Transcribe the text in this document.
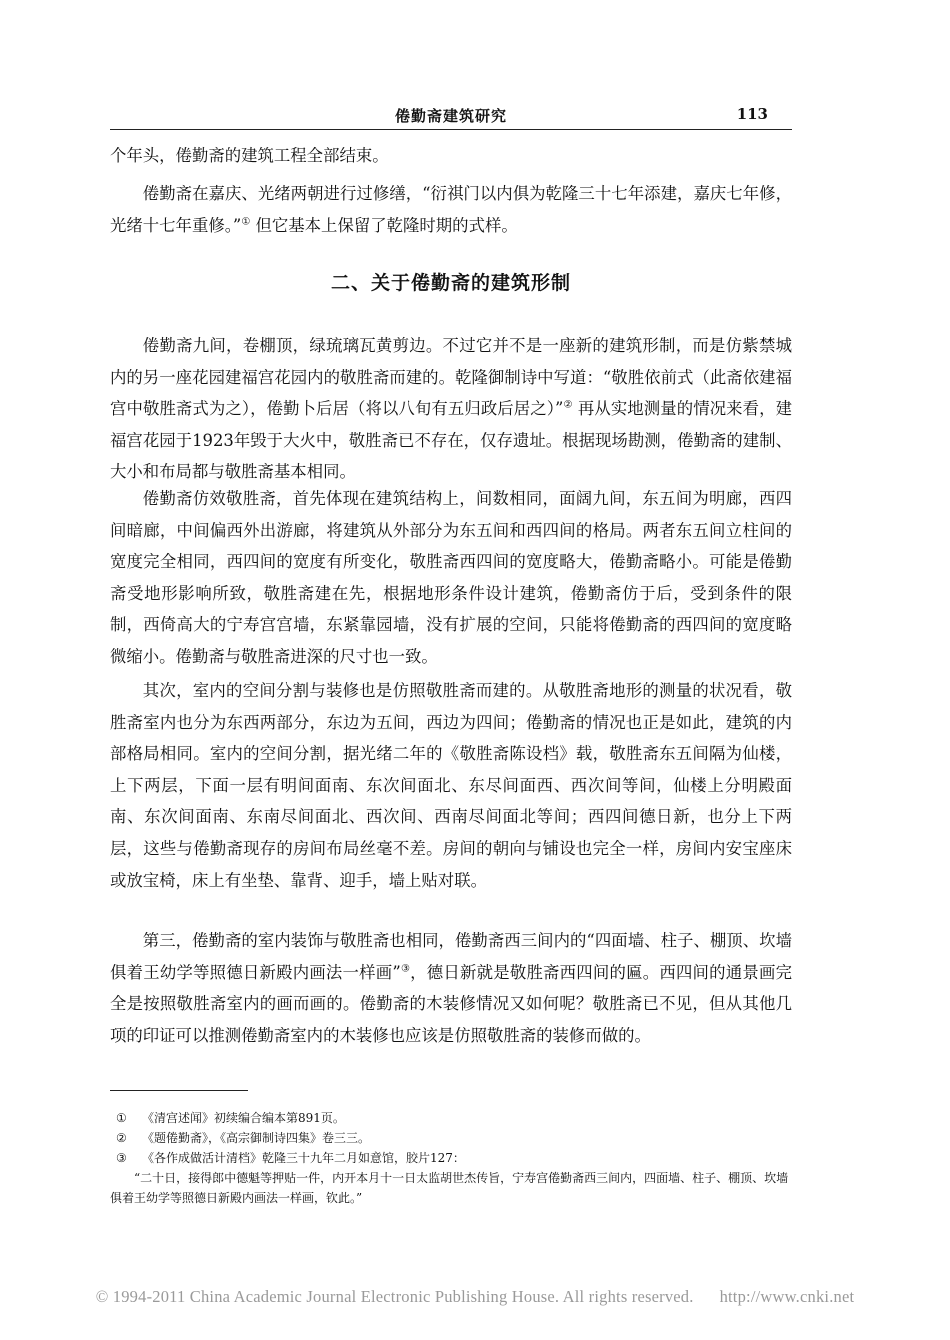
倦勤斋建筑研究	113

个年头，倦勤斋的建筑工程全部结束。

倦勤斋在嘉庆、光绪两朝进行过修缮，“衍祺门以内俱为乾隆三十七年添建，嘉庆七年修，光绪十七年重修。”① 但它基本上保留了乾隆时期的式样。

二、关于倦勤斋的建筑形制

倦勤斋九间，卷棚顶，绿琉璃瓦黄剪边。不过它并不是一座新的建筑形制，而是仿紫禁城内的另一座花园建福宫花园内的敬胜斋而建的。乾隆御制诗中写道：“敬胜依前式（此斋依建福宫中敬胜斋式为之），倦勤卜后居（将以八旬有五归政后居之）”② 再从实地测量的情况来看，建福宫花园于1923年毁于大火中，敬胜斋已不存在，仅存遗址。根据现场勘测，倦勤斋的建制、大小和布局都与敬胜斋基本相同。

倦勤斋仿效敬胜斋，首先体现在建筑结构上，间数相同，面阔九间，东五间为明廊，西四间暗廊，中间偏西外出游廊，将建筑从外部分为东五间和西四间的格局。两者东五间立柱间的宽度完全相同，西四间的宽度有所变化，敬胜斋西四间的宽度略大，倦勤斋略小。可能是倦勤斋受地形影响所致，敬胜斋建在先，根据地形条件设计建筑，倦勤斋仿于后，受到条件的限制，西倚高大的宁寿宫宫墙，东紧靠园墙，没有扩展的空间，只能将倦勤斋的西四间的宽度略微缩小。倦勤斋与敬胜斋进深的尺寸也一致。

其次，室内的空间分割与装修也是仿照敬胜斋而建的。从敬胜斋地形的测量的状况看，敬胜斋室内也分为东西两部分，东边为五间，西边为四间；倦勤斋的情况也正是如此，建筑的内部格局相同。室内的空间分割，据光绪二年的《敬胜斋陈设档》载，敬胜斋东五间隔为仙楼，上下两层，下面一层有明间面南、东次间面北、东尽间面西、西次间等间，仙楼上分明殿面南、东次间面南、东南尽间面北、西次间、西南尽间面北等间；西四间德日新，也分上下两层，这些与倦勤斋现存的房间布局丝毫不差。房间的朝向与铺设也完全一样，房间内安宝座床或放宝椅，床上有坐垫、靠背、迎手，墙上贴对联。

第三，倦勤斋的室内装饰与敬胜斋也相同，倦勤斋西三间内的“四面墙、柱子、棚顶、坎墙俱着王幼学等照德日新殿内画法一样画”③，德日新就是敬胜斋西四间的匾。西四间的通景画完全是按照敬胜斋室内的画而画的。倦勤斋的木装修情况又如何呢？敬胜斋已不见，但从其他几项的印证可以推测倦勤斋室内的木装修也应该是仿照敬胜斋的装修而做的。

① 《清宫述闻》初续编合编本第891页。

② 《题倦勤斋》，《高宗御制诗四集》卷三三。

③ 《各作成做活计清档》乾隆三十九年二月如意馆，胶片127：

“二十日，接得郎中德魁等押贴一件，内开本月十一日太监胡世杰传旨，宁寿宫倦勤斋西三间内，四面墙、柱子、棚顶、坎墙俱着王幼学等照德日新殿内画法一样画，钦此。”

© 1994-2011 China Academic Journal Electronic Publishing House. All rights reserved. http://www.cnki.net
